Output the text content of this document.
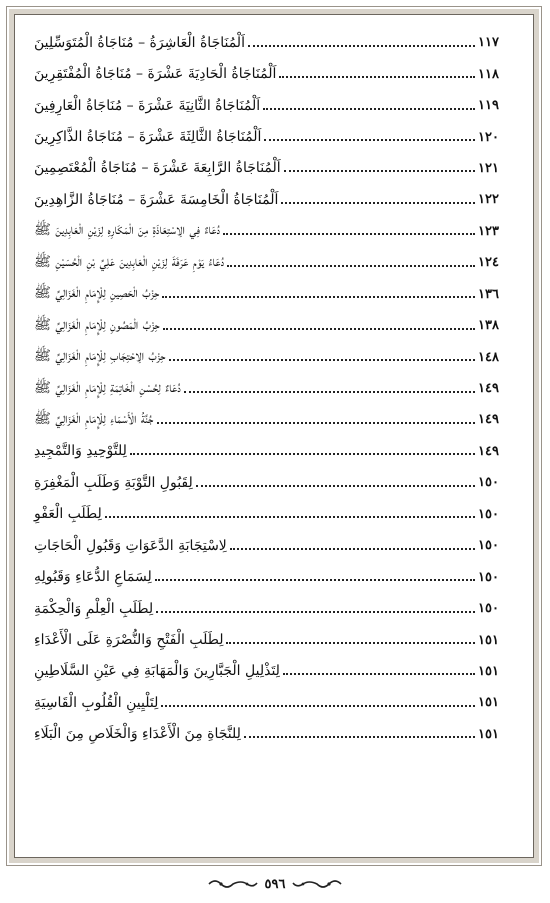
اَلْمُنَاجَاةُ الْعَاشِرَةُ – مُنَاجَاةُ الْمُتَوَسِّلِينَ	١١٧
اَلْمُنَاجَاةُ الْحَادِيَةَ عَشْرَةَ – مُنَاجَاةُ الْمُفْتَقِرِينَ	١١٨
اَلْمُنَاجَاةُ الثَّانِيَةَ عَشْرَةَ – مُنَاجَاةُ الْعَارِفِينَ	١١٩
اَلْمُنَاجَاةُ الثَّالِثَةَ عَشْرَةَ – مُنَاجَاةُ الذَّاكِرِينَ	١٢٠
اَلْمُنَاجَاةُ الرَّابِعَةَ عَشْرَةَ – مُنَاجَاةُ الْمُعْتَصِمِينَ	١٢١
اَلْمُنَاجَاةُ الْخَامِسَةَ عَشْرَةَ – مُنَاجَاةُ الزَّاهِدِينَ	١٢٢
دُعَاءٌ فِي الِاسْتِعَاذَةِ مِنَ الْمَكَارِهِ لِزَيْنِ الْعَابِدِينَ ﷺ	١٢٣
دُعَاءُ يَوْمِ عَرَفَةَ لِزَيْنِ الْعَابِدِينَ عَلِيِّ بْنِ الْحُسَيْنِ ﷺ	١٢٤
حِزْبُ الْحَصِينِ لِلْإِمَامِ الْغَزَالِيِّ ﷺ	١٣٦
حِزْبُ الْمَصُونِ لِلْإِمَامِ الْغَزَالِيِّ ﷺ	١٣٨
حِزْبُ الِاحْتِجَابِ لِلْإِمَامِ الْغَزَالِيِّ ﷺ	١٤٨
دُعَاءٌ لِحُسْنِ الْخَاتِمَةِ لِلْإِمَامِ الْغَزَالِيِّ ﷺ	١٤٩
جُنَّةُ الْأَسْمَاءِ لِلْإِمَامِ الْغَزَالِيِّ ﷺ	١٤٩
لِلتَّوْحِيدِ وَالتَّمْجِيدِ	١٤٩
لِقَبُولِ التَّوْبَةِ وَطَلَبِ الْمَغْفِرَةِ	١٥٠
لِطَلَبِ الْعَفْوِ	١٥٠
لِاسْتِجَابَةِ الدَّعَوَاتِ وَقَبُولِ الْحَاجَاتِ	١٥٠
لِسَمَاعِ الدُّعَاءِ وَقَبُولِهِ	١٥٠
لِطَلَبِ الْعِلْمِ وَالْحِكْمَةِ	١٥٠
لِطَلَبِ الْفَتْحِ وَالنُّصْرَةِ عَلَى الْأَعْدَاءِ	١٥١
لِتَذْلِيلِ الْجَبَّارِينَ وَالْمَهَابَةِ فِي عَيْنِ السَّلَاطِينِ	١٥١
لِتَلْيِينِ الْقُلُوبِ الْقَاسِيَةِ	١٥١
لِلنَّجَاةِ مِنَ الْأَعْدَاءِ وَالْخَلَاصِ مِنَ الْبَلَاءِ	١٥١
٥٩٦
